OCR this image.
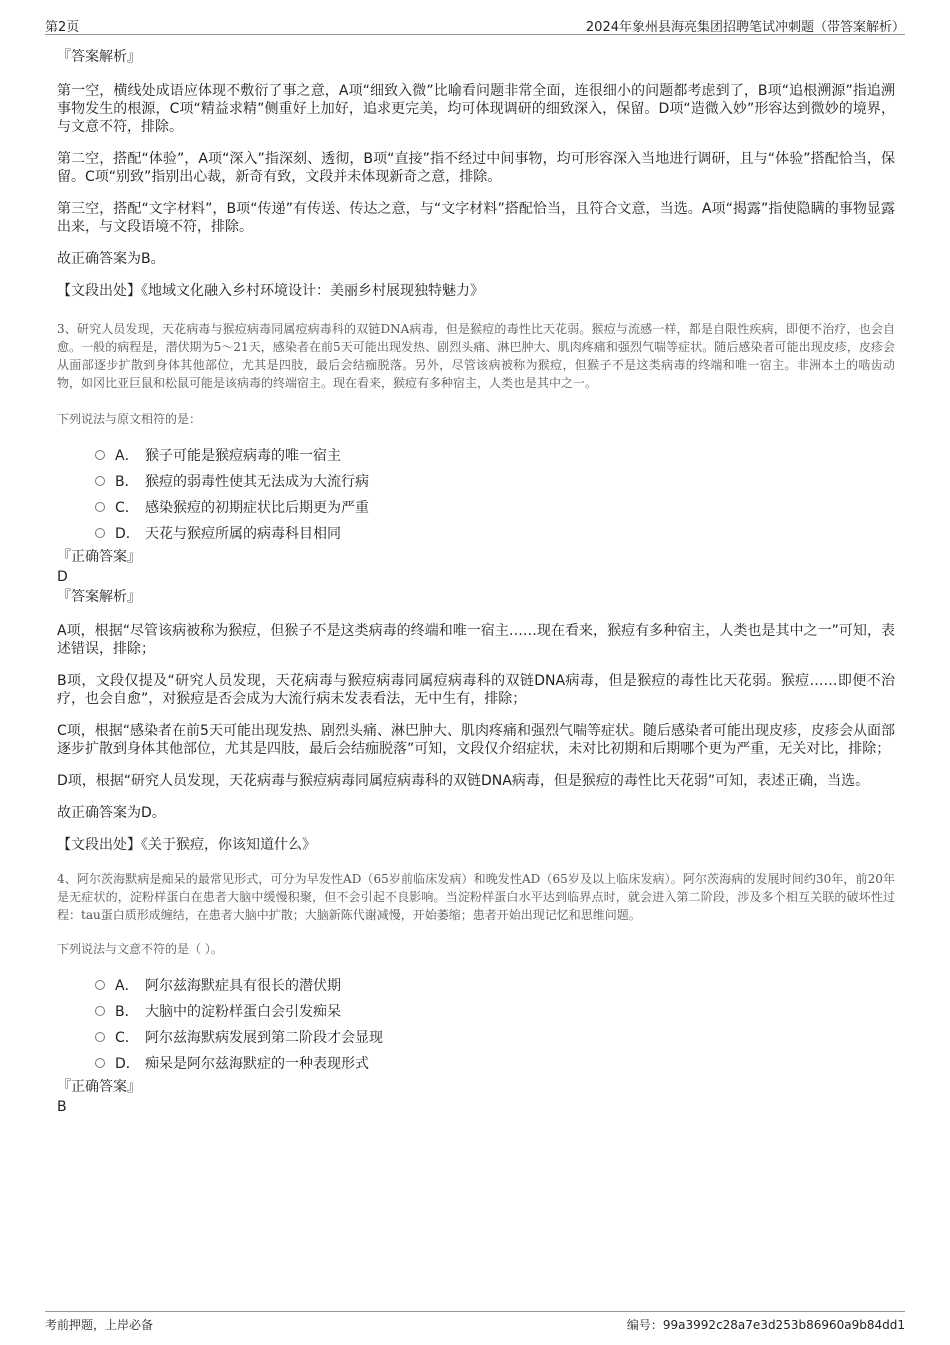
第2页	2024年象州县海亮集团招聘笔试冲刺题（带答案解析）
『答案解析』
第一空，横线处成语应体现不敷衍了事之意，A项“细致入微”比喻看问题非常全面，连很细小的问题都考虑到了，B项“追根溯源”指追溯事物发生的根源，C项“精益求精”侧重好上加好，追求更完美，均可体现调研的细致深入，保留。D项“造微入妙”形容达到微妙的境界，与文意不符，排除。
第二空，搭配“体验”，A项“深入”指深刻、透彻，B项“直接”指不经过中间事物，均可形容深入当地进行调研，且与“体验”搭配恰当，保留。C项“别致”指别出心裁，新奇有致，文段并未体现新奇之意，排除。
第三空，搭配“文字材料”，B项“传递”有传送、传达之意，与“文字材料”搭配恰当，且符合文意，当选。A项“揭露”指使隐瞒的事物显露出来，与文段语境不符，排除。
故正确答案为B。
【文段出处】《地域文化融入乡村环境设计：美丽乡村展现独特魅力》
3、研究人员发现，天花病毒与猴痘病毒同属痘病毒科的双链DNA病毒，但是猴痘的毒性比天花弱。猴痘与流感一样，都是自限性疾病，即便不治疗，也会自愈。一般的病程是，潜伏期为5～21天，感染者在前5天可能出现发热、剧烈头痛、淋巴肿大、肌肉疼痛和强烈气喘等症状。随后感染者可能出现皮疹，皮疹会从面部逐步扩散到身体其他部位，尤其是四肢，最后会结痂脱落。另外，尽管该病被称为猴痘，但猴子不是这类病毒的终端和唯一宿主。非洲本土的啮齿动物，如冈比亚巨鼠和松鼠可能是该病毒的终端宿主。现在看来，猴痘有多种宿主，人类也是其中之一。
下列说法与原文相符的是：
A． 猴子可能是猴痘病毒的唯一宿主
B． 猴痘的弱毒性使其无法成为大流行病
C． 感染猴痘的初期症状比后期更为严重
D． 天花与猴痘所属的病毒科目相同
『正确答案』
D
『答案解析』
A项，根据“尽管该病被称为猴痘，但猴子不是这类病毒的终端和唯一宿主……现在看来，猴痘有多种宿主，人类也是其中之一”可知，表述错误，排除；
B项，文段仅提及“研究人员发现，天花病毒与猴痘病毒同属痘病毒科的双链DNA病毒，但是猴痘的毒性比天花弱。猴痘……即便不治疗，也会自愈”，对猴痘是否会成为大流行病未发表看法，无中生有，排除；
C项，根据“感染者在前5天可能出现发热、剧烈头痛、淋巴肿大、肌肉疼痛和强烈气喘等症状。随后感染者可能出现皮疹，皮疹会从面部逐步扩散到身体其他部位，尤其是四肢，最后会结痂脱落”可知，文段仅介绍症状，未对比初期和后期哪个更为严重，无关对比，排除；
D项，根据“研究人员发现，天花病毒与猴痘病毒同属痘病毒科的双链DNA病毒，但是猴痘的毒性比天花弱”可知，表述正确，当选。
故正确答案为D。
【文段出处】《关于猴痘，你该知道什么》
4、阿尔茨海默病是痴呆的最常见形式，可分为早发性AD（65岁前临床发病）和晚发性AD（65岁及以上临床发病）。阿尔茨海病的发展时间约30年，前20年是无症状的，淀粉样蛋白在患者大脑中缓慢积聚，但不会引起不良影响。当淀粉样蛋白水平达到临界点时，就会进入第二阶段，涉及多个相互关联的破坏性过程：tau蛋白质形成缠结，在患者大脑中扩散；大脑新陈代谢减慢，开始萎缩；患者开始出现记忆和思维问题。
下列说法与文意不符的是（ ）。
A． 阿尔兹海默症具有很长的潜伏期
B． 大脑中的淀粉样蛋白会引发痴呆
C． 阿尔兹海默病发展到第二阶段才会显现
D． 痴呆是阿尔兹海默症的一种表现形式
『正确答案』
B
考前押题，上岸必备	编号：99a3992c28a7e3d253b86960a9b84dd1
